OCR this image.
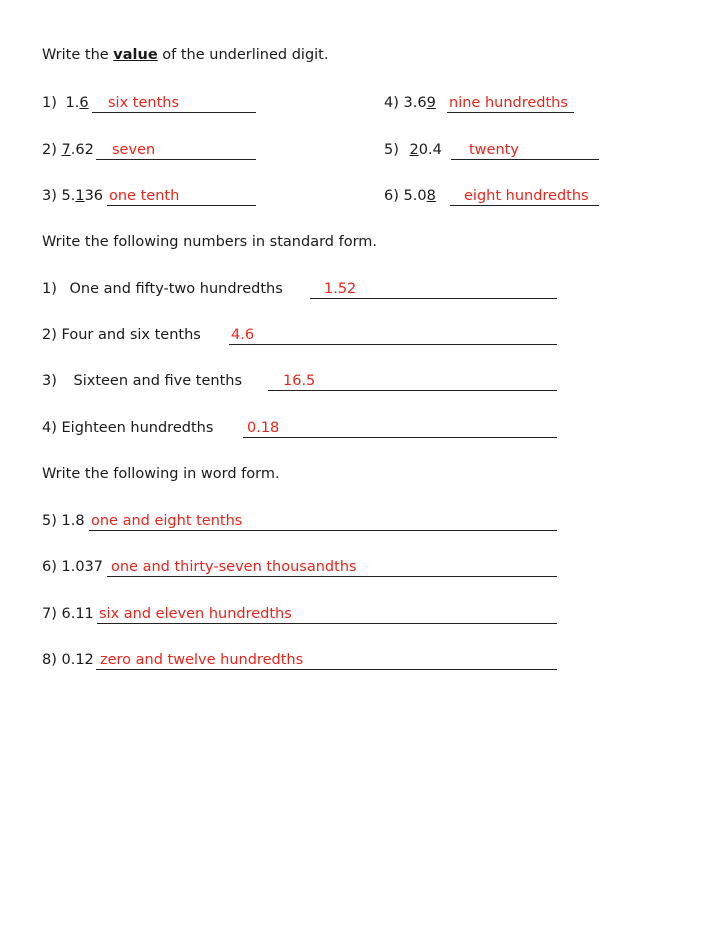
Write the value of the underlined digit.
1) 1.6 six tenths
2) 7.62 seven
3) 5.136 one tenth
4) 3.69 nine hundredths
5) 20.4 twenty
6) 5.08 eight hundredths
Write the following numbers in standard form.
1) One and fifty-two hundredths	1.52
2) Four and six tenths 4.6
3) Sixteen and five tenths	16.5
4) Eighteen hundredths 0.18
Write the following in word form.
5) 1.8 one and eight tenths
6) 1.037 one and thirty-seven thousandths
7) 6.11 six and eleven hundredths
8) 0.12 zero and twelve hundredths
